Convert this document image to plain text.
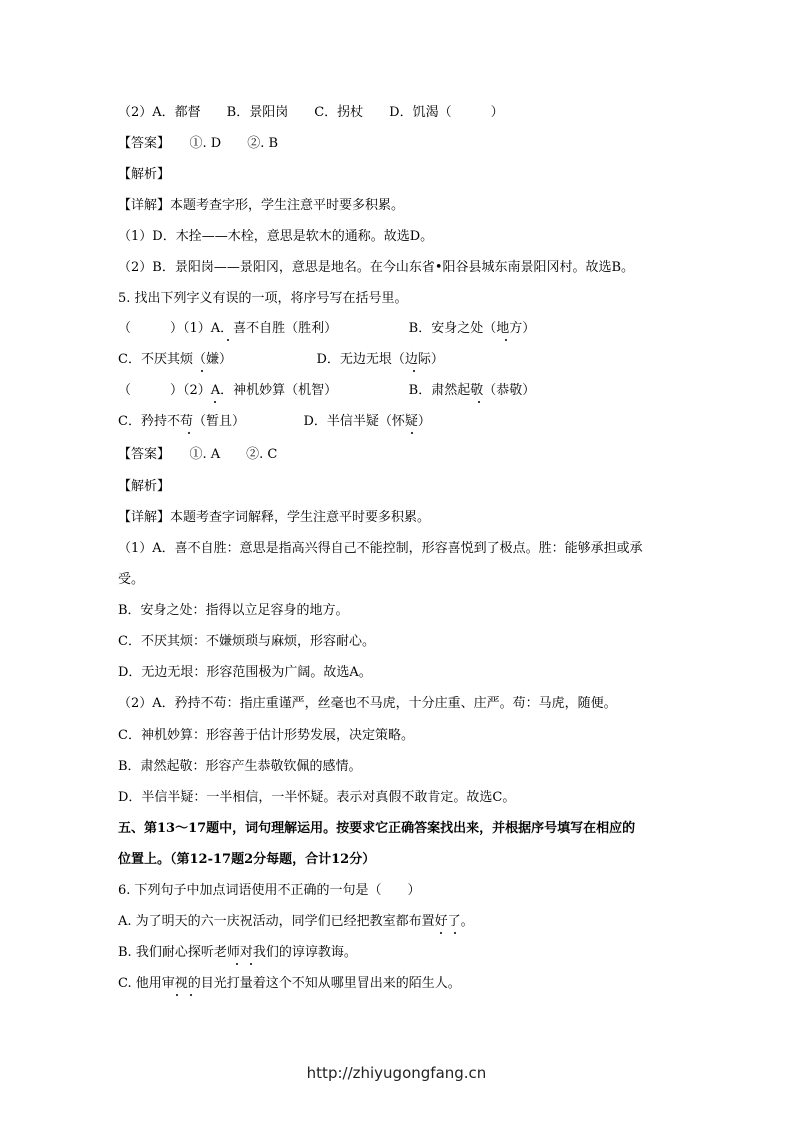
（2）A．都督　　B．景阳岗　　C．拐杖　　D．饥渴（　　　）
【答案】　　①. D　　②. B
【解析】
【详解】本题考查字形，学生注意平时要多积累。
（1）D．木拴——木栓，意思是软木的通称。故选D。
（2）B．景阳岗——景阳冈，意思是地名。在今山东省•阳谷县城东南景阳冈村。故选B。
5. 找出下列字义有误的一项，将序号写在括号里。
（　　　）（1）A．喜不自胜（胜利）　　　　　　B．安身之处（地方）
C．不厌其烦（嫌）　　　　　　　D．无边无垠（边际）
（　　　）（2）A．神机妙算（机智）　　　　　　B．肃然起敬（恭敬）
C．矜持不苟（暂且）　　　　　D．半信半疑（怀疑）
【答案】　　①. A　　②. C
【解析】
【详解】本题考查字词解释，学生注意平时要多积累。
（1）A．喜不自胜：意思是指高兴得自己不能控制，形容喜悦到了极点。胜：能够承担或承
受。
B．安身之处：指得以立足容身的地方。
C．不厌其烦：不嫌烦琐与麻烦，形容耐心。
D．无边无垠：形容范围极为广阔。故选A。
（2）A．矜持不苟：指庄重谨严，丝毫也不马虎，十分庄重、庄严。苟：马虎，随便。
C．神机妙算：形容善于估计形势发展，决定策略。
B．肃然起敬：形容产生恭敬钦佩的感情。
D．半信半疑：一半相信，一半怀疑。表示对真假不敢肯定。故选C。
五、第13～17题中，词句理解运用。按要求它正确答案找出来，并根据序号填写在相应的
位置上。（第12-17题2分每题，合计12分）
6. 下列句子中加点词语使用不正确的一句是（　　）
A. 为了明天的六一庆祝活动，同学们已经把教室都布置好了。
B. 我们耐心探听老师对我们的谆谆教诲。
C. 他用审视的目光打量着这个不知从哪里冒出来的陌生人。
http://zhiyugongfang.cn
